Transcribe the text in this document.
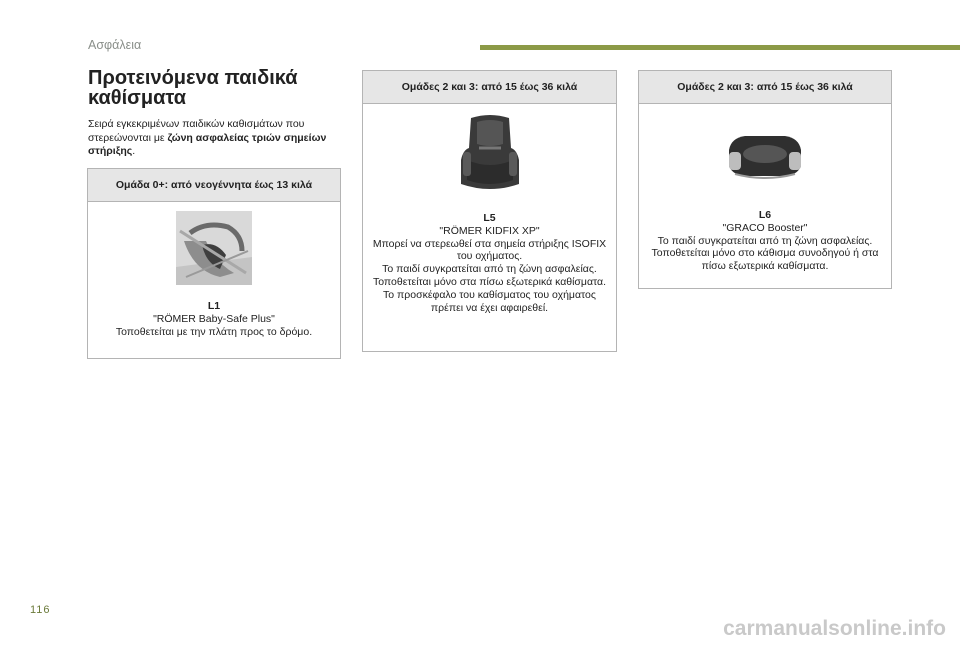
Ασφάλεια
Προτεινόμενα παιδικά καθίσματα
Σειρά εγκεκριμένων παιδικών καθισμάτων που στερεώνονται με ζώνη ασφαλείας τριών σημείων στήριξης.
Ομάδα 0+: από νεογέννητα έως 13 κιλά
L1
"RÖMER Baby-Safe Plus"
Τοποθετείται με την πλάτη προς το δρόμο.
Ομάδες 2 και 3: από 15 έως 36 κιλά
L5
"RÖMER KIDFIX XP"
Μπορεί να στερεωθεί στα σημεία στήριξης ISOFIX του οχήματος.
Το παιδί συγκρατείται από τη ζώνη ασφαλείας.
Τοποθετείται μόνο στα πίσω εξωτερικά καθίσματα.
Το προσκέφαλο του καθίσματος του οχήματος πρέπει να έχει αφαιρεθεί.
Ομάδες 2 και 3: από 15 έως 36 κιλά
L6
"GRACO Booster"
Το παιδί συγκρατείται από τη ζώνη ασφαλείας.
Τοποθετείται μόνο στο κάθισμα συνοδηγού ή στα πίσω εξωτερικά καθίσματα.
116
carmanualsonline.info
